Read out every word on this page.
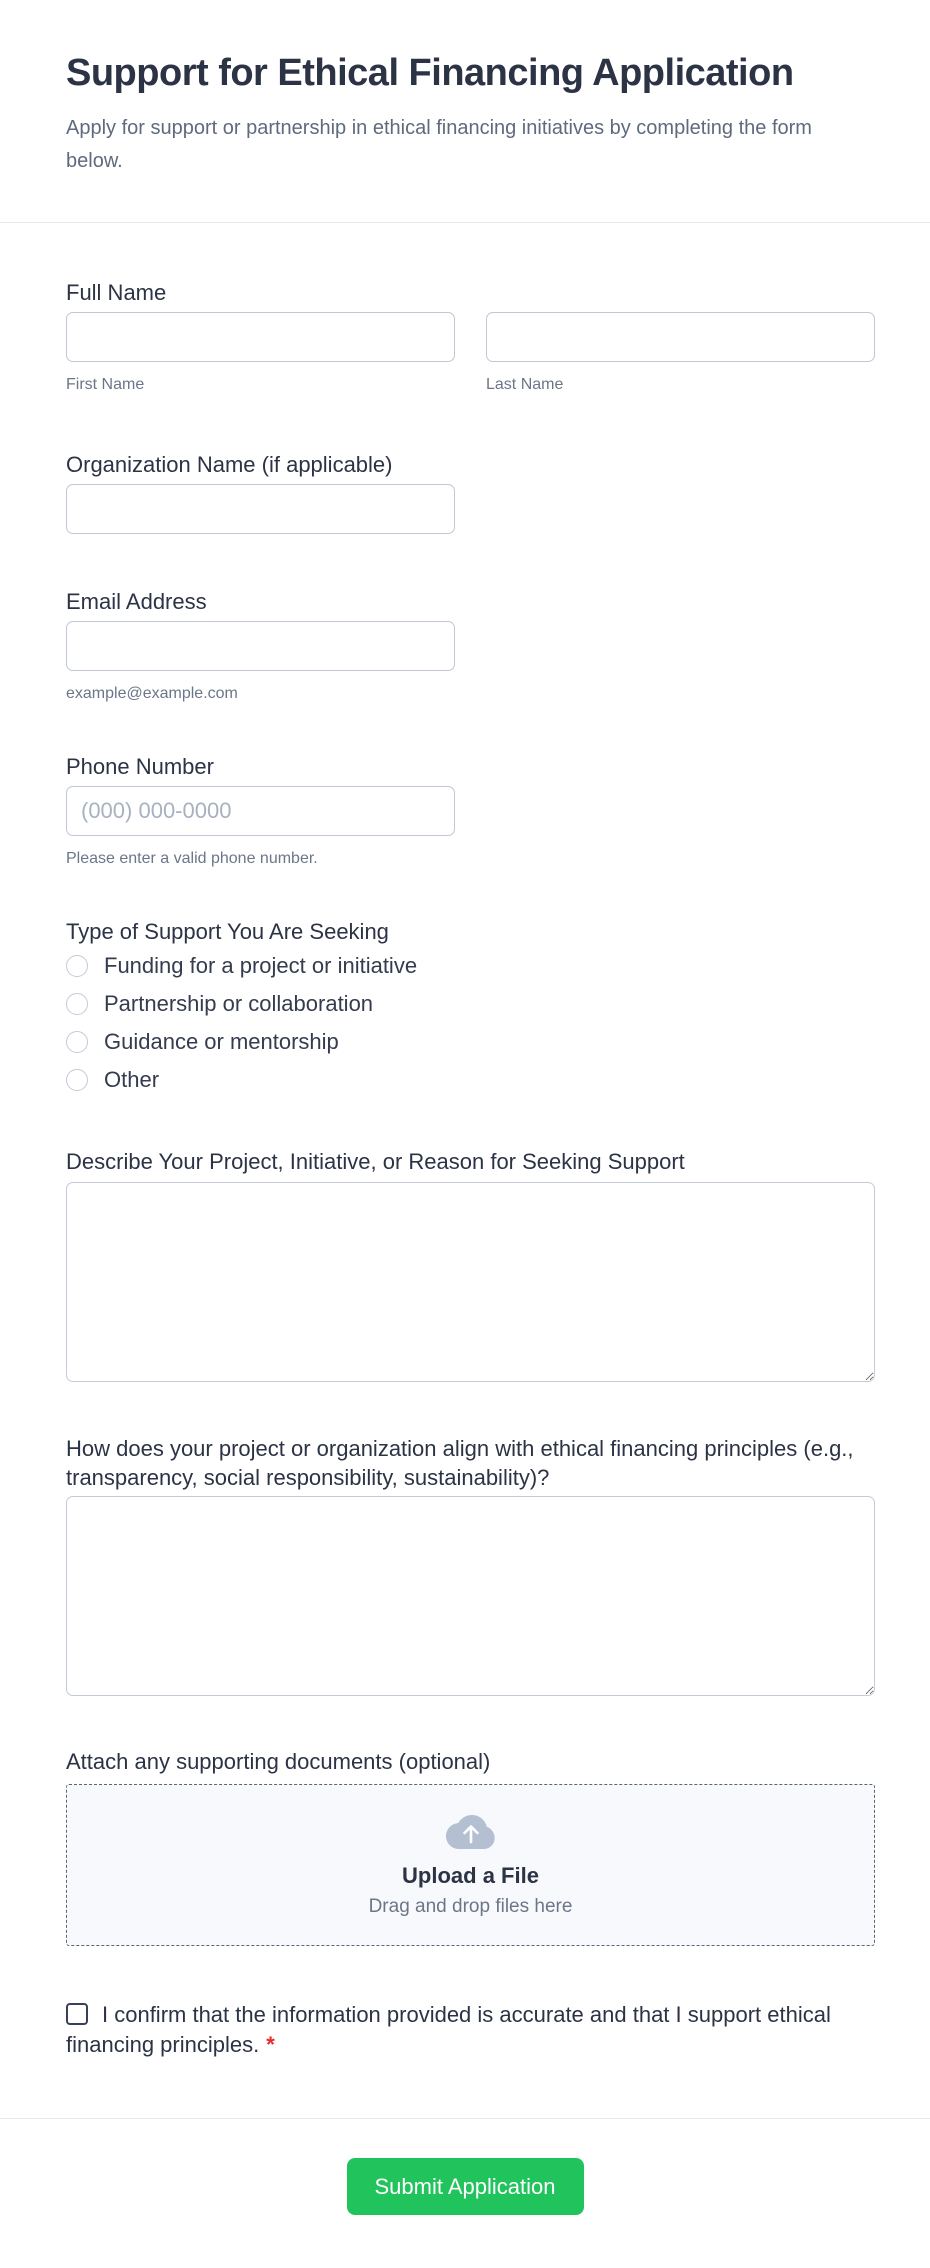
Support for Ethical Financing Application

Apply for support or partnership in ethical financing initiatives by completing the form below.

Full Name
First Name	Last Name
Organization Name (if applicable)
Email Address
example@example.com
Phone Number
(000) 000-0000
Please enter a valid phone number.
Type of Support You Are Seeking
Funding for a project or initiative
Partnership or collaboration
Guidance or mentorship
Other
Describe Your Project, Initiative, or Reason for Seeking Support
How does your project or organization align with ethical financing principles (e.g., transparency, social responsibility, sustainability)?
Attach any supporting documents (optional)
Upload a File
Drag and drop files here
I confirm that the information provided is accurate and that I support ethical financing principles. *
Submit Application
